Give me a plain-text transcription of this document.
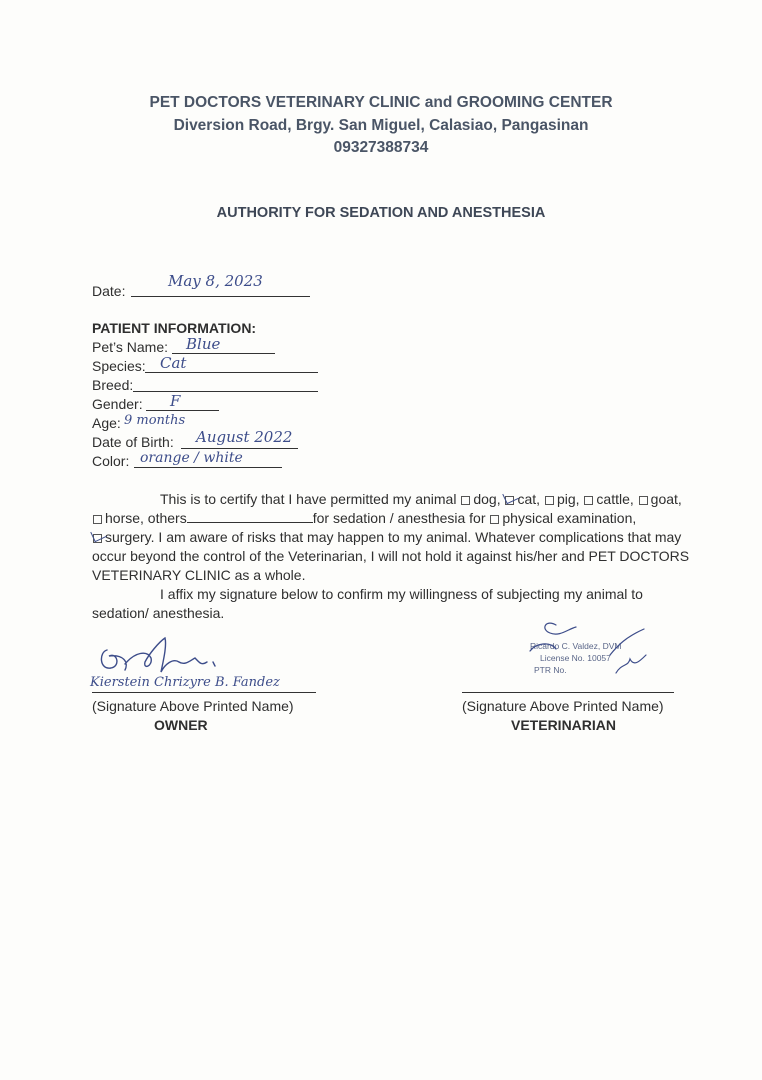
PET DOCTORS VETERINARY CLINIC and GROOMING CENTER
Diversion Road, Brgy. San Miguel, Calasiao, Pangasinan
09327388734
AUTHORITY FOR SEDATION AND ANESTHESIA
Date:
May 8, 2023
PATIENT INFORMATION:
Pet’s Name: Blue
Species: Cat
Breed:
Gender: F
Age: 9 months
Date of Birth: August 2022
Color: orange / white
This is to certify that I have permitted my animal dog, cat, pig, cattle, goat,
horse, others	for sedation / anesthesia for physical examination,
surgery. I am aware of risks that may happen to my animal. Whatever complications that may
occur beyond the control of the Veterinarian, I will not hold it against his/her and PET DOCTORS
VETERINARY CLINIC as a whole.
I affix my signature below to confirm my willingness of subjecting my animal to
sedation/ anesthesia.
Kierstein Chrizyre B. Fandez
(Signature Above Printed Name)
OWNER
Ricardo C. Valdez, DVM
License No. 10057
PTR No.
(Signature Above Printed Name)
VETERINARIAN
